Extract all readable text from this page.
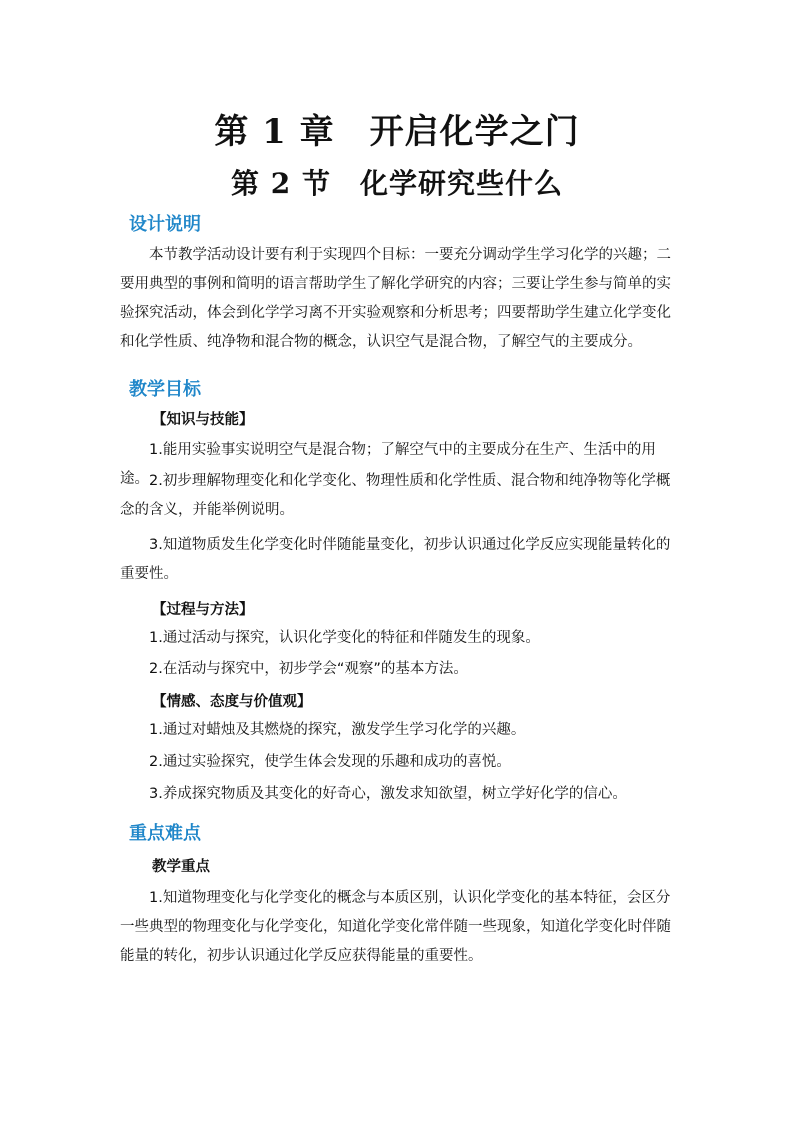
第 1 章　开启化学之门
第 2 节　化学研究些什么
设计说明
本节教学活动设计要有利于实现四个目标：一要充分调动学生学习化学的兴趣；二要用典型的事例和简明的语言帮助学生了解化学研究的内容；三要让学生参与简单的实验探究活动，体会到化学学习离不开实验观察和分析思考；四要帮助学生建立化学变化和化学性质、纯净物和混合物的概念，认识空气是混合物，了解空气的主要成分。
教学目标
【知识与技能】
1.能用实验事实说明空气是混合物；了解空气中的主要成分在生产、生活中的用途。 2.初步理解物理变化和化学变化、物理性质和化学性质、混合物和纯净物等化学概念的含义，并能举例说明。
3.知道物质发生化学变化时伴随能量变化，初步认识通过化学反应实现能量转化的重要性。
【过程与方法】
1.通过活动与探究，认识化学变化的特征和伴随发生的现象。
2.在活动与探究中，初步学会“观察”的基本方法。
【情感、态度与价值观】
1.通过对蜡烛及其燃烧的探究，激发学生学习化学的兴趣。
2.通过实验探究，使学生体会发现的乐趣和成功的喜悦。
3.养成探究物质及其变化的好奇心，激发求知欲望，树立学好化学的信心。
重点难点
教学重点
1.知道物理变化与化学变化的概念与本质区别，认识化学变化的基本特征，会区分一些典型的物理变化与化学变化，知道化学变化常伴随一些现象，知道化学变化时伴随能量的转化，初步认识通过化学反应获得能量的重要性。
